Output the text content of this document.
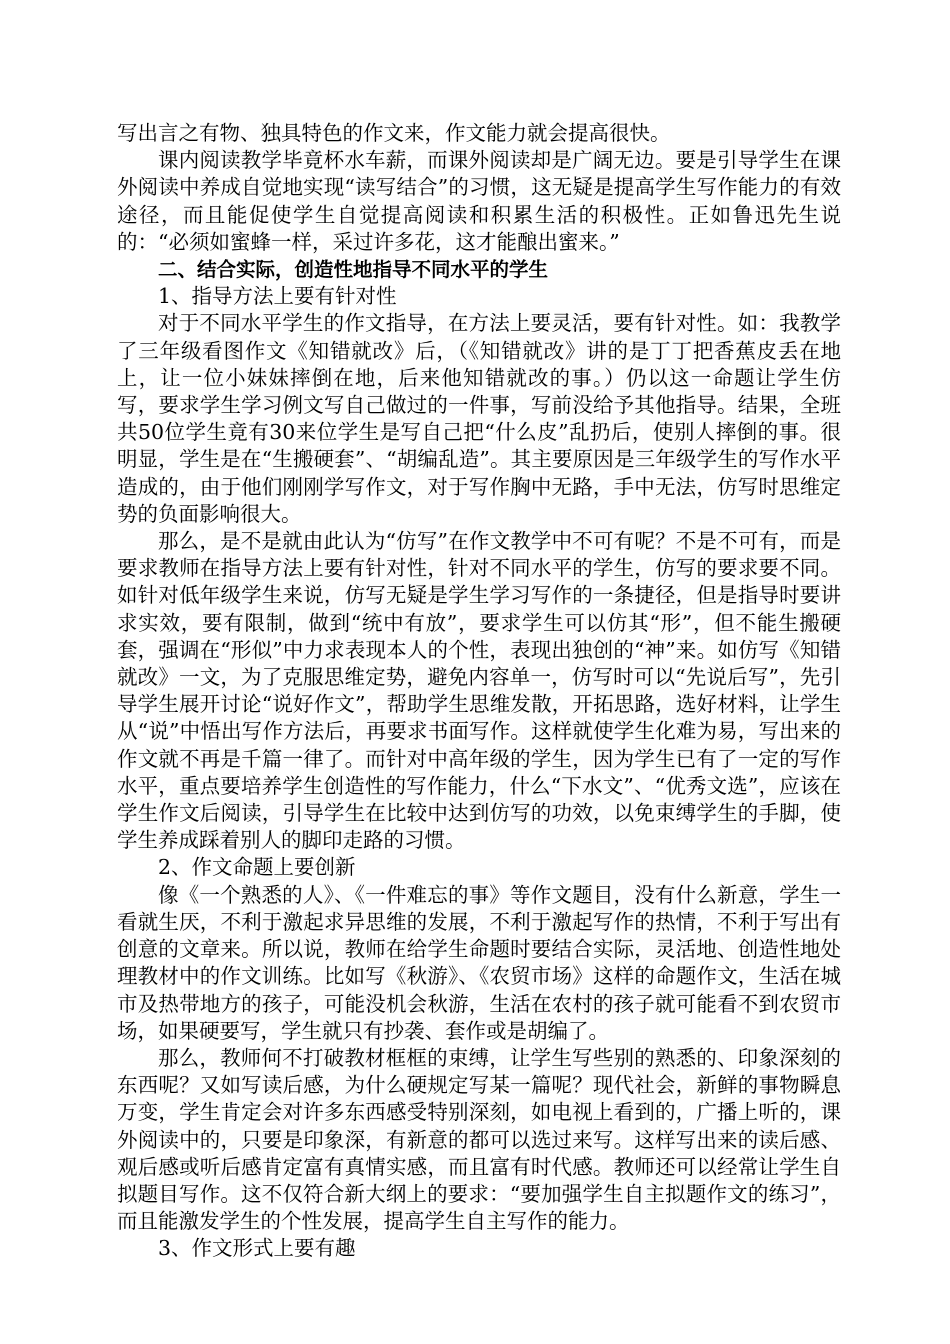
写出言之有物、独具特色的作文来，作文能力就会提高很快。

课内阅读教学毕竟杯水车薪，而课外阅读却是广阔无边。要是引导学生在课外阅读中养成自觉地实现“读写结合”的习惯，这无疑是提高学生写作能力的有效途径，而且能促使学生自觉提高阅读和积累生活的积极性。正如鲁迅先生说的：“必须如蜜蜂一样，采过许多花，这才能酿出蜜来。”

二、结合实际，创造性地指导不同水平的学生

1、指导方法上要有针对性

对于不同水平学生的作文指导，在方法上要灵活，要有针对性。如：我教学了三年级看图作文《知错就改》后，（《知错就改》讲的是丁丁把香蕉皮丢在地上，让一位小妹妹摔倒在地，后来他知错就改的事。）仍以这一命题让学生仿写，要求学生学习例文写自己做过的一件事，写前没给予其他指导。结果，全班共50位学生竟有30来位学生是写自己把“什么皮”乱扔后，使别人摔倒的事。很明显，学生是在“生搬硬套”、“胡编乱造”。其主要原因是三年级学生的写作水平造成的，由于他们刚刚学写作文，对于写作胸中无路，手中无法，仿写时思维定势的负面影响很大。

那么，是不是就由此认为“仿写”在作文教学中不可有呢？不是不可有，而是要求教师在指导方法上要有针对性，针对不同水平的学生，仿写的要求要不同。如针对低年级学生来说，仿写无疑是学生学习写作的一条捷径，但是指导时要讲求实效，要有限制，做到“统中有放”，要求学生可以仿其“形”，但不能生搬硬套，强调在“形似”中力求表现本人的个性，表现出独创的“神”来。如仿写《知错就改》一文，为了克服思维定势，避免内容单一，仿写时可以“先说后写”，先引导学生展开讨论“说好作文”，帮助学生思维发散，开拓思路，选好材料，让学生从“说”中悟出写作方法后，再要求书面写作。这样就使学生化难为易，写出来的作文就不再是千篇一律了。而针对中高年级的学生，因为学生已有了一定的写作水平，重点要培养学生创造性的写作能力，什么“下水文”、“优秀文选”，应该在学生作文后阅读，引导学生在比较中达到仿写的功效，以免束缚学生的手脚，使学生养成踩着别人的脚印走路的习惯。

2、作文命题上要创新

像《一个熟悉的人》、《一件难忘的事》等作文题目，没有什么新意，学生一看就生厌，不利于激起求异思维的发展，不利于激起写作的热情，不利于写出有创意的文章来。所以说，教师在给学生命题时要结合实际，灵活地、创造性地处理教材中的作文训练。比如写《秋游》、《农贸市场》这样的命题作文，生活在城市及热带地方的孩子，可能没机会秋游，生活在农村的孩子就可能看不到农贸市场，如果硬要写，学生就只有抄袭、套作或是胡编了。

那么，教师何不打破教材框框的束缚，让学生写些别的熟悉的、印象深刻的东西呢？又如写读后感，为什么硬规定写某一篇呢？现代社会，新鲜的事物瞬息万变，学生肯定会对许多东西感受特别深刻，如电视上看到的，广播上听的，课外阅读中的，只要是印象深，有新意的都可以选过来写。这样写出来的读后感、观后感或听后感肯定富有真情实感，而且富有时代感。教师还可以经常让学生自拟题目写作。这不仅符合新大纲上的要求：“要加强学生自主拟题作文的练习”，而且能激发学生的个性发展，提高学生自主写作的能力。

3、作文形式上要有趣
